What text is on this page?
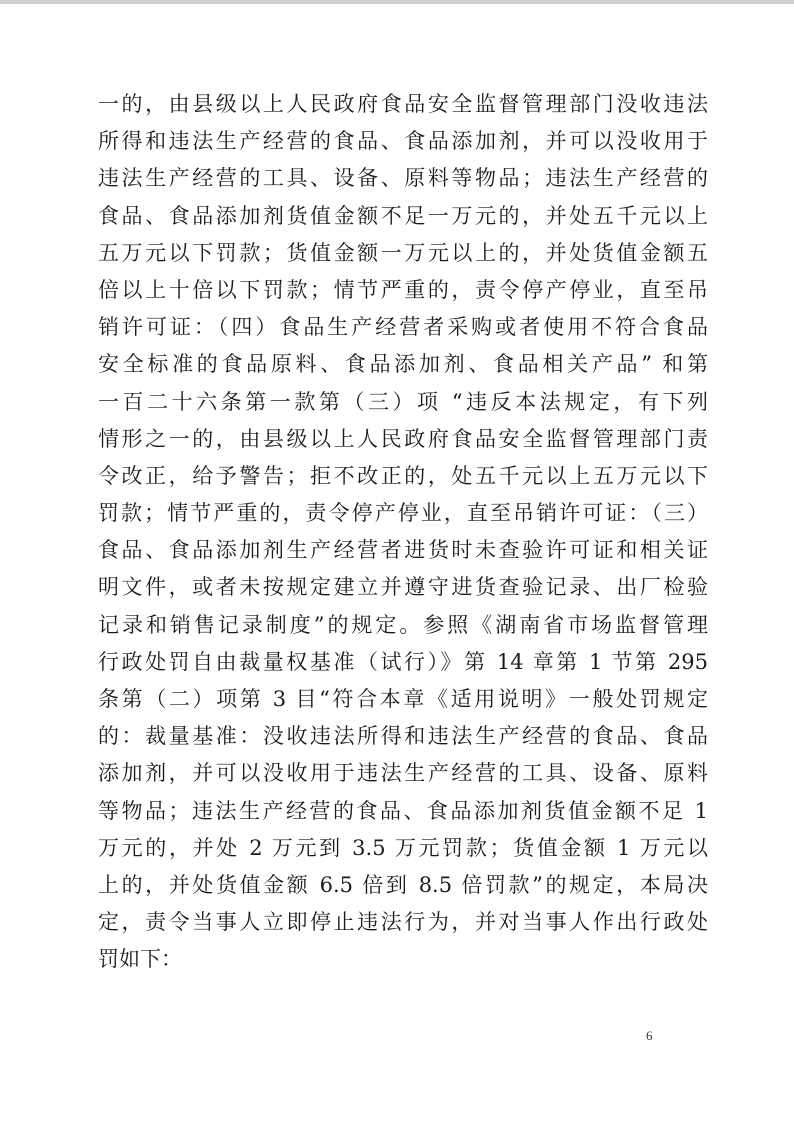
一的，由县级以上人民政府食品安全监督管理部门没收违法
所得和违法生产经营的食品、食品添加剂，并可以没收用于
违法生产经营的工具、设备、原料等物品；违法生产经营的
食品、食品添加剂货值金额不足一万元的，并处五千元以上
五万元以下罚款；货值金额一万元以上的，并处货值金额五
倍以上十倍以下罚款；情节严重的，责令停产停业，直至吊
销许可证：（四）食品生产经营者采购或者使用不符合食品
安全标准的食品原料、食品添加剂、食品相关产品” 和第
一百二十六条第一款第（三）项 “违反本法规定，有下列
情形之一的，由县级以上人民政府食品安全监督管理部门责
令改正，给予警告；拒不改正的，处五千元以上五万元以下
罚款；情节严重的，责令停产停业，直至吊销许可证：（三）
食品、食品添加剂生产经营者进货时未查验许可证和相关证
明文件，或者未按规定建立并遵守进货查验记录、出厂检验
记录和销售记录制度”的规定。参照《湖南省市场监督管理
行政处罚自由裁量权基准（试行）》第 14 章第 1 节第 295
条第（二）项第 3 目“符合本章《适用说明》一般处罚规定
的：裁量基准：没收违法所得和违法生产经营的食品、食品
添加剂，并可以没收用于违法生产经营的工具、设备、原料
等物品；违法生产经营的食品、食品添加剂货值金额不足 1
万元的，并处 2 万元到 3.5 万元罚款；货值金额 1 万元以
上的，并处货值金额 6.5 倍到 8.5 倍罚款”的规定，本局决
定，责令当事人立即停止违法行为，并对当事人作出行政处
罚如下：
6
